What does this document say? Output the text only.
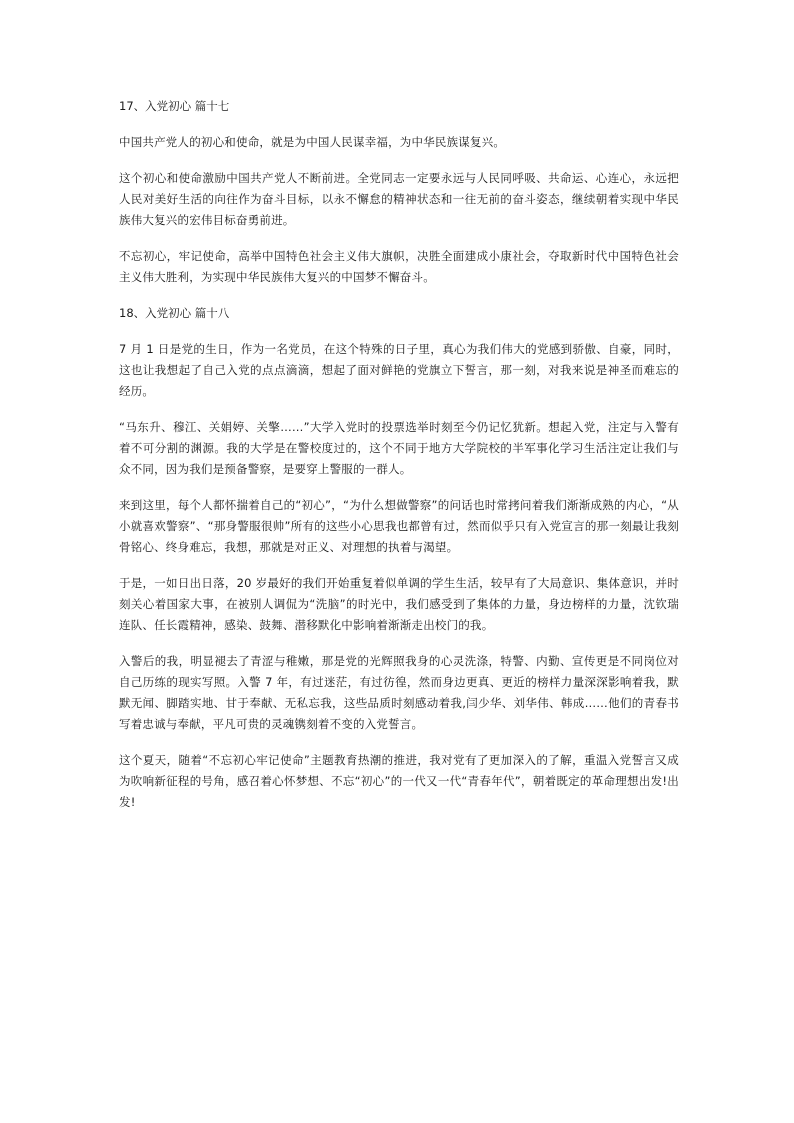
17、入党初心 篇十七
中国共产党人的初心和使命，就是为中国人民谋幸福，为中华民族谋复兴。
这个初心和使命激励中国共产党人不断前进。全党同志一定要永远与人民同呼吸、共命运、心连心，永远把人民对美好生活的向往作为奋斗目标，以永不懈怠的精神状态和一往无前的奋斗姿态，继续朝着实现中华民族伟大复兴的宏伟目标奋勇前进。
不忘初心，牢记使命，高举中国特色社会主义伟大旗帜，决胜全面建成小康社会，夺取新时代中国特色社会主义伟大胜利，为实现中华民族伟大复兴的中国梦不懈奋斗。
18、入党初心 篇十八
7 月 1 日是党的生日，作为一名党员，在这个特殊的日子里，真心为我们伟大的党感到骄傲、自豪，同时，这也让我想起了自己入党的点点滴滴，想起了面对鲜艳的党旗立下誓言，那一刻，对我来说是神圣而难忘的经历。
“马东升、穆江、关娟婷、关擎……”大学入党时的投票选举时刻至今仍记忆犹新。想起入党，注定与入警有着不可分割的渊源。我的大学是在警校度过的，这个不同于地方大学院校的半军事化学习生活注定让我们与众不同，因为我们是预备警察，是要穿上警服的一群人。
来到这里，每个人都怀揣着自己的“初心”，“为什么想做警察”的问话也时常拷问着我们渐渐成熟的内心，“从小就喜欢警察”、“那身警服很帅”所有的这些小心思我也都曾有过，然而似乎只有入党宣言的那一刻最让我刻骨铭心、终身难忘，我想，那就是对正义、对理想的执着与渴望。
于是，一如日出日落，20 岁最好的我们开始重复着似单调的学生生活，较早有了大局意识、集体意识，并时刻关心着国家大事，在被别人调侃为“洗脑”的时光中，我们感受到了集体的力量，身边榜样的力量，沈钦瑞连队、任长霞精神，感染、鼓舞、潜移默化中影响着渐渐走出校门的我。
入警后的我，明显褪去了青涩与稚嫩，那是党的光辉照我身的心灵洗涤，特警、内勤、宣传更是不同岗位对自己历练的现实写照。入警 7 年，有过迷茫，有过彷徨，然而身边更真、更近的榜样力量深深影响着我，默默无闻、脚踏实地、甘于奉献、无私忘我，这些品质时刻感动着我,闫少华、刘华伟、韩成……他们的青春书写着忠诚与奉献，平凡可贵的灵魂镌刻着不变的入党誓言。
这个夏天，随着“不忘初心牢记使命”主题教育热潮的推进，我对党有了更加深入的了解，重温入党誓言又成为吹响新征程的号角，感召着心怀梦想、不忘“初心”的一代又一代“青春年代”，朝着既定的革命理想出发!出发!
